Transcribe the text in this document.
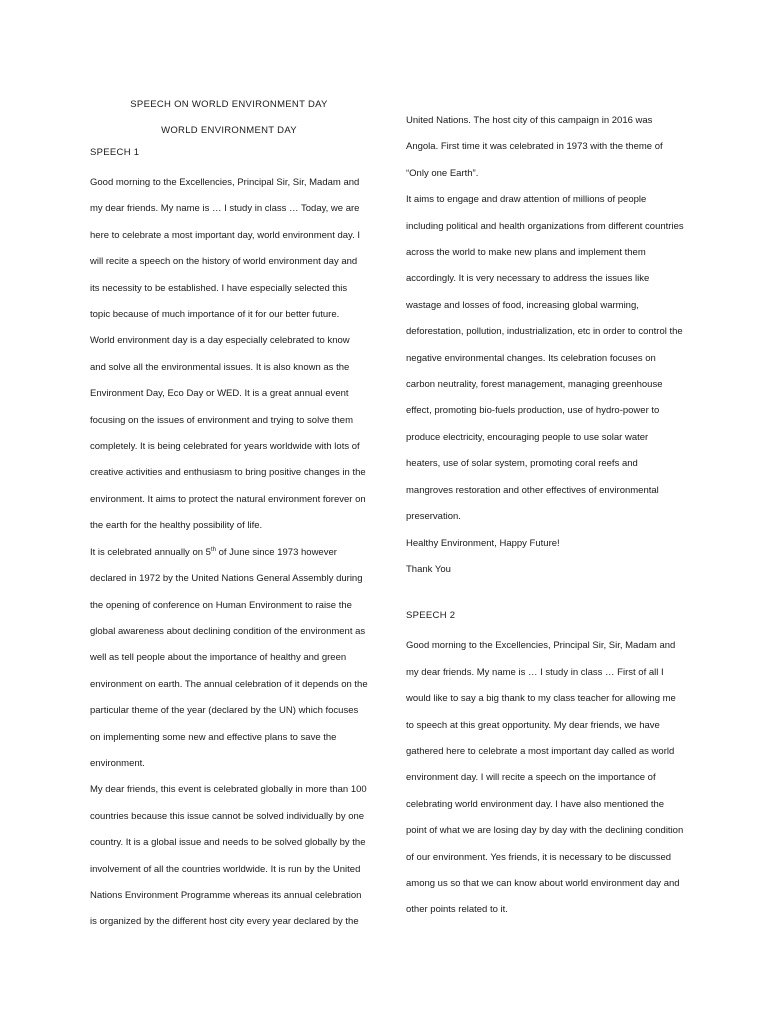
SPEECH ON WORLD ENVIRONMENT DAY

WORLD ENVIRONMENT DAY

SPEECH 1

Good morning to the Excellencies, Principal Sir, Sir, Madam and my dear friends. My name is … I study in class … Today, we are here to celebrate a most important day, world environment day. I will recite a speech on the history of world environment day and its necessity to be established. I have especially selected this topic because of much importance of it for our better future.

World environment day is a day especially celebrated to know and solve all the environmental issues. It is also known as the Environment Day, Eco Day or WED. It is a great annual event focusing on the issues of environment and trying to solve them completely. It is being celebrated for years worldwide with lots of creative activities and enthusiasm to bring positive changes in the environment. It aims to protect the natural environment forever on the earth for the healthy possibility of life.

It is celebrated annually on 5th of June since 1973 however declared in 1972 by the United Nations General Assembly during the opening of conference on Human Environment to raise the global awareness about declining condition of the environment as well as tell people about the importance of healthy and green environment on earth. The annual celebration of it depends on the particular theme of the year (declared by the UN) which focuses on implementing some new and effective plans to save the environment.

My dear friends, this event is celebrated globally in more than 100 countries because this issue cannot be solved individually by one country. It is a global issue and needs to be solved globally by the involvement of all the countries worldwide. It is run by the United Nations Environment Programme whereas its annual celebration is organized by the different host city every year declared by the

United Nations. The host city of this campaign in 2016 was Angola. First time it was celebrated in 1973 with the theme of “Only one Earth”.

It aims to engage and draw attention of millions of people including political and health organizations from different countries across the world to make new plans and implement them accordingly. It is very necessary to address the issues like wastage and losses of food, increasing global warming, deforestation, pollution, industrialization, etc in order to control the negative environmental changes. Its celebration focuses on carbon neutrality, forest management, managing greenhouse effect, promoting bio-fuels production, use of hydro-power to produce electricity, encouraging people to use solar water heaters, use of solar system, promoting coral reefs and mangroves restoration and other effectives of environmental preservation.

Healthy Environment, Happy Future!

Thank You

SPEECH 2

Good morning to the Excellencies, Principal Sir, Sir, Madam and my dear friends. My name is … I study in class … First of all I would like to say a big thank to my class teacher for allowing me to speech at this great opportunity. My dear friends, we have gathered here to celebrate a most important day called as world environment day. I will recite a speech on the importance of celebrating world environment day. I have also mentioned the point of what we are losing day by day with the declining condition of our environment. Yes friends, it is necessary to be discussed among us so that we can know about world environment day and other points related to it.
